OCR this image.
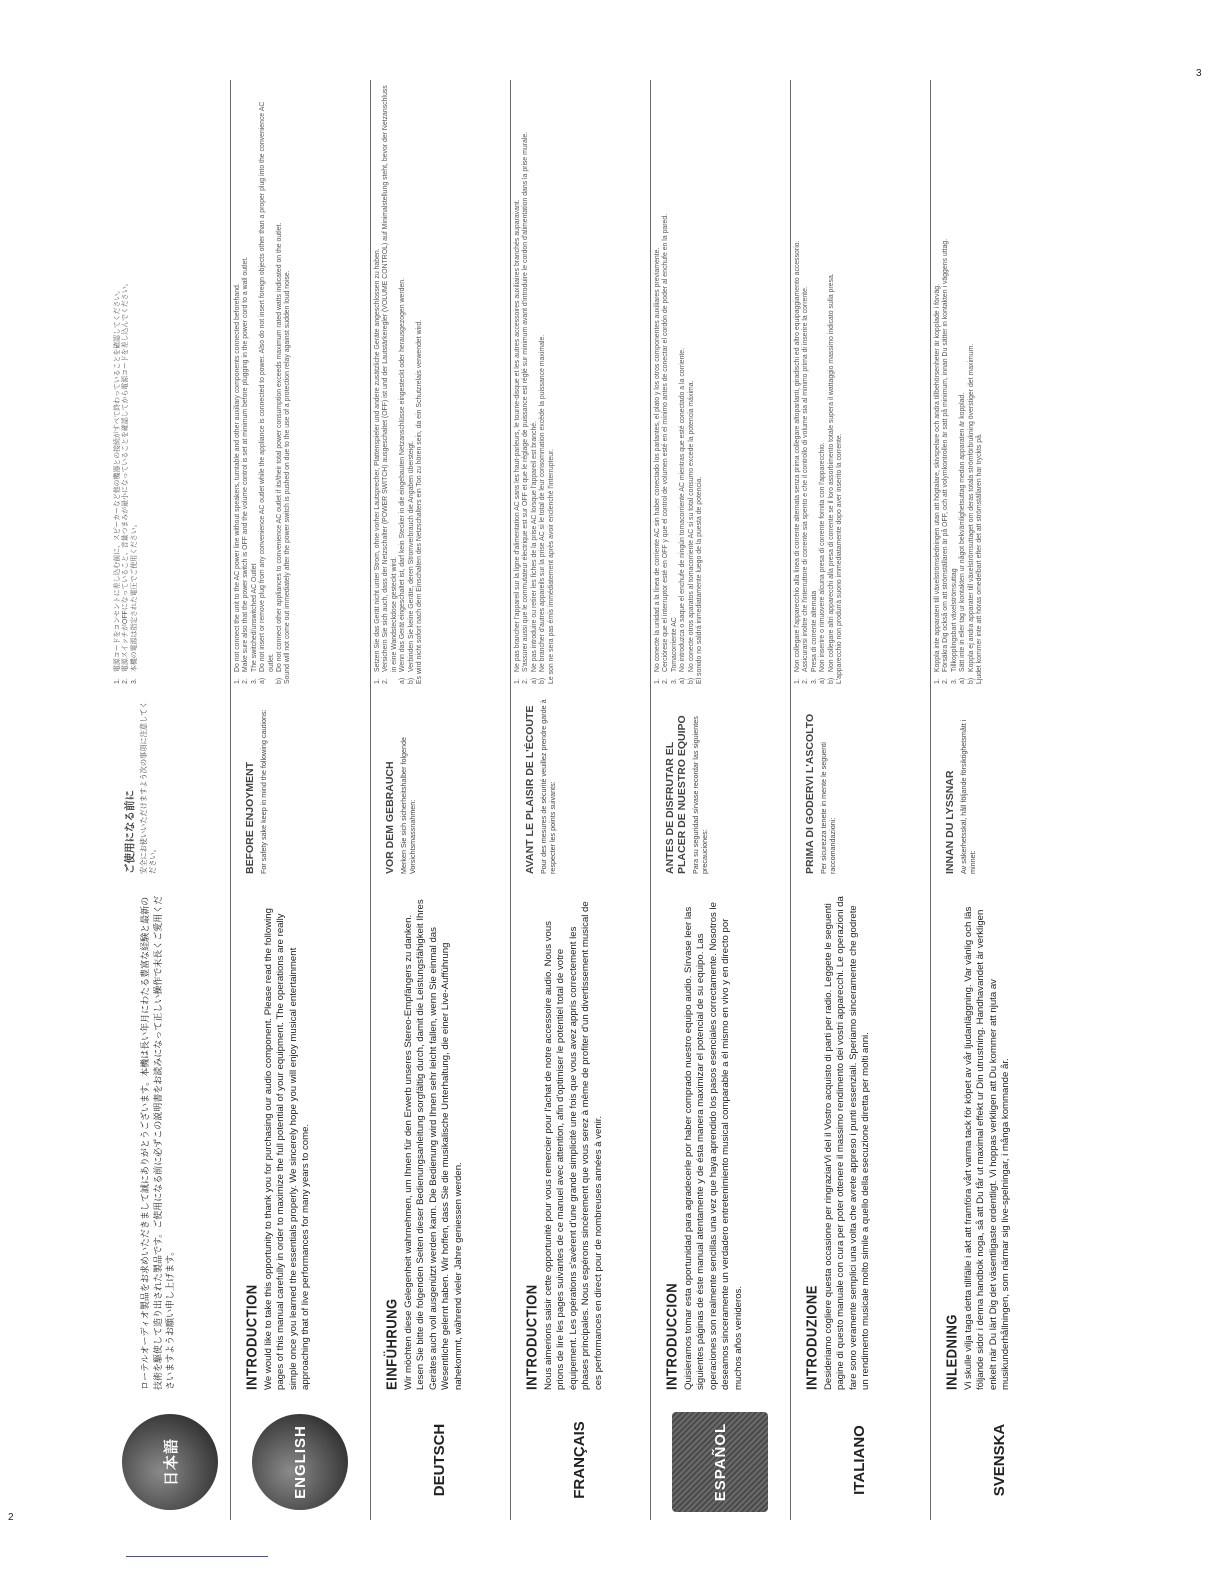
2
3
日本語

ローテルオーディオ製品をお求めいただきまして誠にありがとうございます。本機は長い年月にわたる豊富な経験と最新の技術を駆使して造り出された製品です。ご使用になる前に必ずこの説明書をお読みになって正しい操作で末長くご愛用くださいますようお願い申し上げます。

ご使用になる前に 安全にお使いいただけますよう次の事項に注意してください。

1.
電源コードをコンセントに差し込む前に、スピーカーなど他の機器との接続がすべて終わっていることを確認してください。
2.
電源スイッチがOFFになっていること、音量つまみが最小になっていることを確認してから電源コードを差し込んでください。
3.
本機の電源は指定された電圧でご使用ください。

ENGLISH
INTRODUCTION We would like to take this opportunity to thank you for purchasing our audio component. Please read the following pages of this manual carefully in order to maximize the full potential of your equipment. The operations are really simple once you learned the essentials properly. We sincerely hope you will enjoy musical entertainment approaching that of live performances for many years to come.

BEFORE ENJOYMENT For safety sake keep in mind the following cautions:

1.
Do not connect the unit to the AC power line without speakers, turntable and other auxiliary components connected beforehand.
2.
Make sure also that the power switch is OFF and the volume control is set at minimum before plugging in the power cord to a wall outlet.
3.
The switched/unswitched AC Outlet
a)
Do not insert or remove plug from any convenience AC outlet while the appliance is connected to power. Also do not insert foreign objects other than a proper plug into the convenience AC outlet.
b)
Do not connect other appliances to convenience AC outlet if its/their total power consumption exceeds maximum rated watts indicated on the outlet. Sound will not come out immediately after the power switch is pushed on due to the use of a protection relay against sudden loud noise.

DEUTSCH
EINFÜHRUNG Wir möchten diese Gelegenheit wahrnehmen, um Ihnen für den Erwerb unseres Stereo-Empfängers zu danken. Lesen Sie bitte die folgenden Seiten dieser Bedienungsanleitung sorgfältig durch, damit die Leistungsfähigkeit Ihres Gerätes auch voll ausgenützt werden kann. Die Bedienung wird Ihnen sehr leicht fallen, wenn Sie einmal das Wesentliche gelernt haben. Wir hoffen, dass Sie die musikalische Unterhaltung, die einer Live-Aufführung nahekommt, während vieler Jahre geniessen werden.

VOR DEM GEBRAUCH Merken Sie sich sicherheitshalber folgende Vorsichtsmassnahmen:

1.
Setzen Sie das Gerät nicht unter Strom, ohne vorher Lautsprecher, Plattenspieler und andere zusätzliche Geräte angeschlossen zu haben.
2.
Versichern Sie sich auch, dass der Netzschalter (POWER SWITCH) ausgeschaltet (OFF) ist und der Lautstärkeregler (VOLUME CONTROL) auf Minimalstellung steht, bevor der Netzanschluss in eine Wandsteckdose gesteckt wird.
a)
Wenn das Gerät eingeschaltet ist, darf kein Stecker in die eingebauten Netzanschlüsse eingesteckt oder herausgezogen werden.
b)
Verbinden Sie keine Geräte, deren Stromverbrauch die Angaben übersteigt. Es wird nicht sofort nach dem Einschalten des Netzschalters ein Ton zu hören sein, da ein Schutzrelais verwendet wird.

FRANÇAIS
INTRODUCTION Nous aimerions saisir cette opportunité pour vous remercier pour l'achat de notre accessoire audio. Nous vous prions de lire les pages suivantes de ce manuel avec attention, afin d'optimiser le potentiel total de votre équipement. Les opérations s'avèrent d'une grande simplicité une fois que vous avez appris correctement les phases principales. Nous espérons sincèrement que vous serez à même de profiter d'un divertissement musical de ces performances en direct pour de nombreuses années à venir.

AVANT LE PLAISIR DE L'ÉCOUTE Pour des mesures de sécurité veuillez prendre garde à respecter les points suivants:

1.
Ne pas brancher l'appareil sur la ligne d'alimentation AC sans les haut-parleurs, le tourne-disque et les autres accessoires auxiliaires branchés auparavant.
2.
S'assurer aussi que le commutateur électrique est sur OFF et que le réglage de puissance est réglé sur minimum avant d'introduire le cordon d'alimentation dans la prise murale.
a)
Ne pas introduire ou retirer les fiches de la prise AC lorsque l'appareil est branché.
b)
Ne brancher d'autres appareils sur la prise AC si le total de leur consommation excède la puissance maximale. Le son ne sera pas émis immédiatement après avoir enclenché l'interrupteur.

ESPAÑOL
INTRODUCCION Quisieramos tomar esta oportunidad para agradecerle por haber comprado nuestro equipo audio. Sírvase leer las siguientes páginas de éste manual atentamente y de ésta manera maximizar el potencial de su equipo. Las operaciones son realmente sencillas una vez que haya aprendido los pasos esenciales correctamente. Nosotros le deseamos sinceramente un verdadero entretenimiento musical comparable a él mismo en vivo y en directo por muchos años venideros.

ANTES DE DISFRUTAR EL PLACER DE NUESTRO EQUIPO Para su seguridad sírvase recordar las siguientes precauciones:

1.
No conecte la unidad a la línea de corriente AC sin haber conectado los parlantes, el plato y los otros componentes auxiliares previamente.
2.
Cerciórese que el interruptor esté en OFF y que el control de volumen esté en el mínimo antes de conectar el cordón de poder al enchufe en la pared.
3.
Tomacorriente AC
a)
No introduzca o saque el enchufe de ningún tomacorriente AC mientras que esté conectado a la corriente.
b)
No conecte otros aparatos al tomacorriente AC si su total consumo excede la potencia máxima. El sonido no saldrá inmediatamente luego de la puesta de potencia.

ITALIANO
INTRODUZIONE Desideriamo cogliere questa occasione per ringraziarVi del il Vostro acquisto di parti per radio. Leggete le seguenti pagine di questo manuale con cura per poter ottenere il massimo rendimento dei vostri apparecchi. Le operazioni da fare sono veramente semplici una volta che avrete appreso i punti essenziali. Speriamo sinceramente che godrete un rendimento musicale molto simile a quello della esecuzione diretta per molti anni.

PRIMA DI GODERVI L'ASCOLTO Per sicurezza tenete in mente le seguenti raccomandazioni:

1.
Non collegare l'apparecchio alla linea di corrente alternata senza prima collegare altoparlanti, giradischi ed altro equipaggiamento accessorio.
2.
Assicurarsi inoltre che l'interruttore di corrente sia spento e che il controllo di volume sia al minimo prima di inserire la corrente.
3.
Presa di corrente alternata
a)
Non inserire o rimuovere alcuna presa di corrente fornita con l'apparecchio.
b)
Non collegare altri apparecchi alla presa di corrente se il loro assorbimento totale supera il wattaggio massimo indicato sulla presa. L'apparecchio non produrrà suono immediatamente dopo aver inserito la corrente.

SVENSKA
INLEDNING Vi skulle vilja taga detta tillfälle i akt att framföra vårt varma tack för köpet av vår ljudanläggning. Var vänlig och läs följande sidor i denna handbok noga, så att Du får ut maximal effekt ur Din utrustning. Handhavandet är verkligen enkelt när Du lärt Dig det väsentligaste ordentligt. Vi hoppas verkligen att Du kommer att njuta av musikunderhållningen, som närmar sig live-spelningar, i många kommande år.

INNAN DU LYSSNAR Av säkerhetsskäl, håll följande försiktighetsmått i minnet:

1.
Koppla inte apparaten till växelströmsledningen utan att högtalare, skivspelare och andra tillbehörsenheter är kopplade i förväg.
2.
Försäkra Dig också om att strömställaren är på OFF, och att volymkontrollen är satt på minimum, innan Du sätter in kontakten i väggens uttag.
3.
Tillkopplingsbart växelströmsuttag
a)
Sätt inte in eller tag ur kontakten ur något bekvämlighetsuttag medan apparaten är kopplad.
b)
Koppla ej andra apparater till växelströmsuttaget om deras totala strömförbrukning överstiger det maximum. Ljudet kommer inte att höras omedelbart efter det att strömställaren har tryckts på.
